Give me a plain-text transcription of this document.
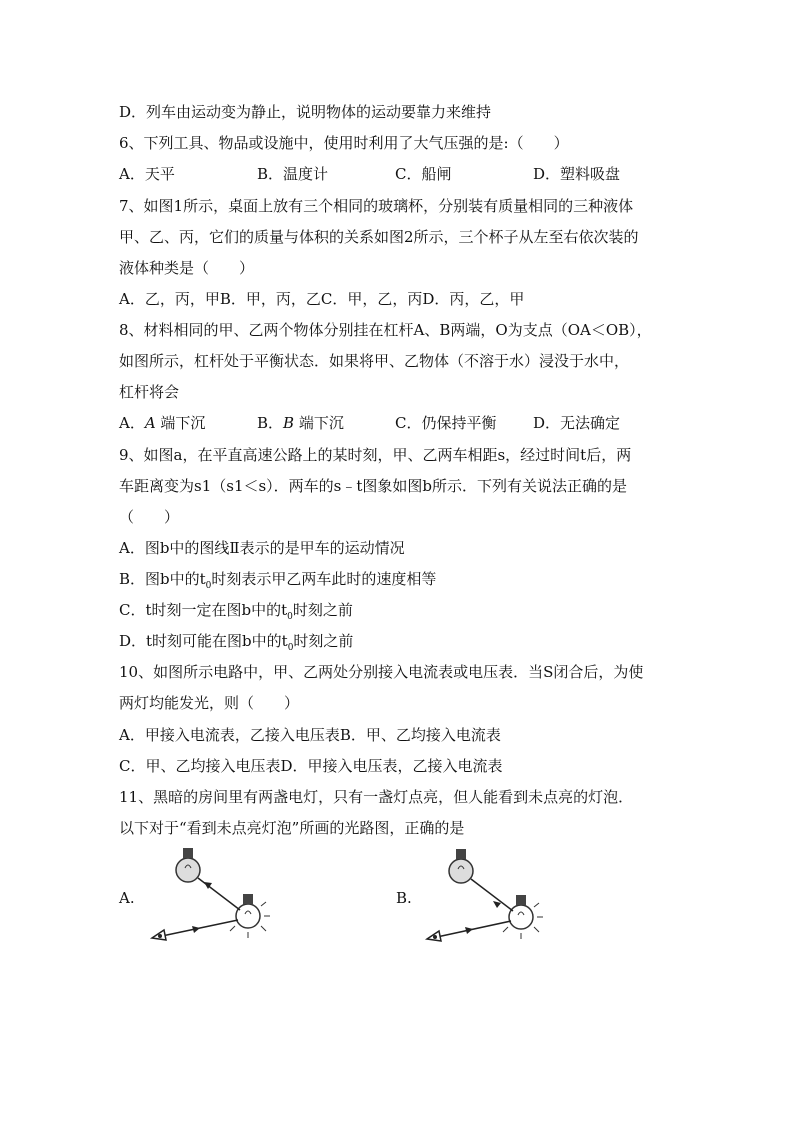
D．列车由运动变为静止，说明物体的运动要靠力来维持
6、下列工具、物品或设施中，使用时利用了大气压强的是:（　　）
A．天平	B．温度计	C．船闸	D．塑料吸盘
7、如图1所示，桌面上放有三个相同的玻璃杯，分别装有质量相同的三种液体
甲、乙、丙，它们的质量与体积的关系如图2所示，三个杯子从左至右依次装的
液体种类是（　　）
A．乙，丙，甲B．甲，丙，乙C．甲，乙，丙D．丙，乙，甲
8、材料相同的甲、乙两个物体分别挂在杠杆A、B两端，O为支点（OA＜OB），
如图所示，杠杆处于平衡状态．如果将甲、乙物体（不溶于水）浸没于水中，
杠杆将会
A．𝐴 端下沉	B．𝐵 端下沉	C．仍保持平衡 D．无法确定
9、如图a，在平直高速公路上的某时刻，甲、乙两车相距s，经过时间t后，两
车距离变为s1（s1＜s）．两车的s﹣t图象如图b所示．下列有关说法正确的是
（　　）
A．图b中的图线Ⅱ表示的是甲车的运动情况
B．图b中的$t_0$时刻表示甲乙两车此时的速度相等
C．t时刻一定在图b中的$t_0$时刻之前
D．t时刻可能在图b中的$t_0$时刻之前
10、如图所示电路中，甲、乙两处分别接入电流表或电压表．当S闭合后，为使
两灯均能发光，则（　　）
A．甲接入电流表，乙接入电压表B．甲、乙均接入电流表
C．甲、乙均接入电压表D．甲接入电压表，乙接入电流表
11、黑暗的房间里有两盏电灯，只有一盏灯点亮，但人能看到未点亮的灯泡．
以下对于“看到未点亮灯泡”所画的光路图，正确的是
A.	B.
